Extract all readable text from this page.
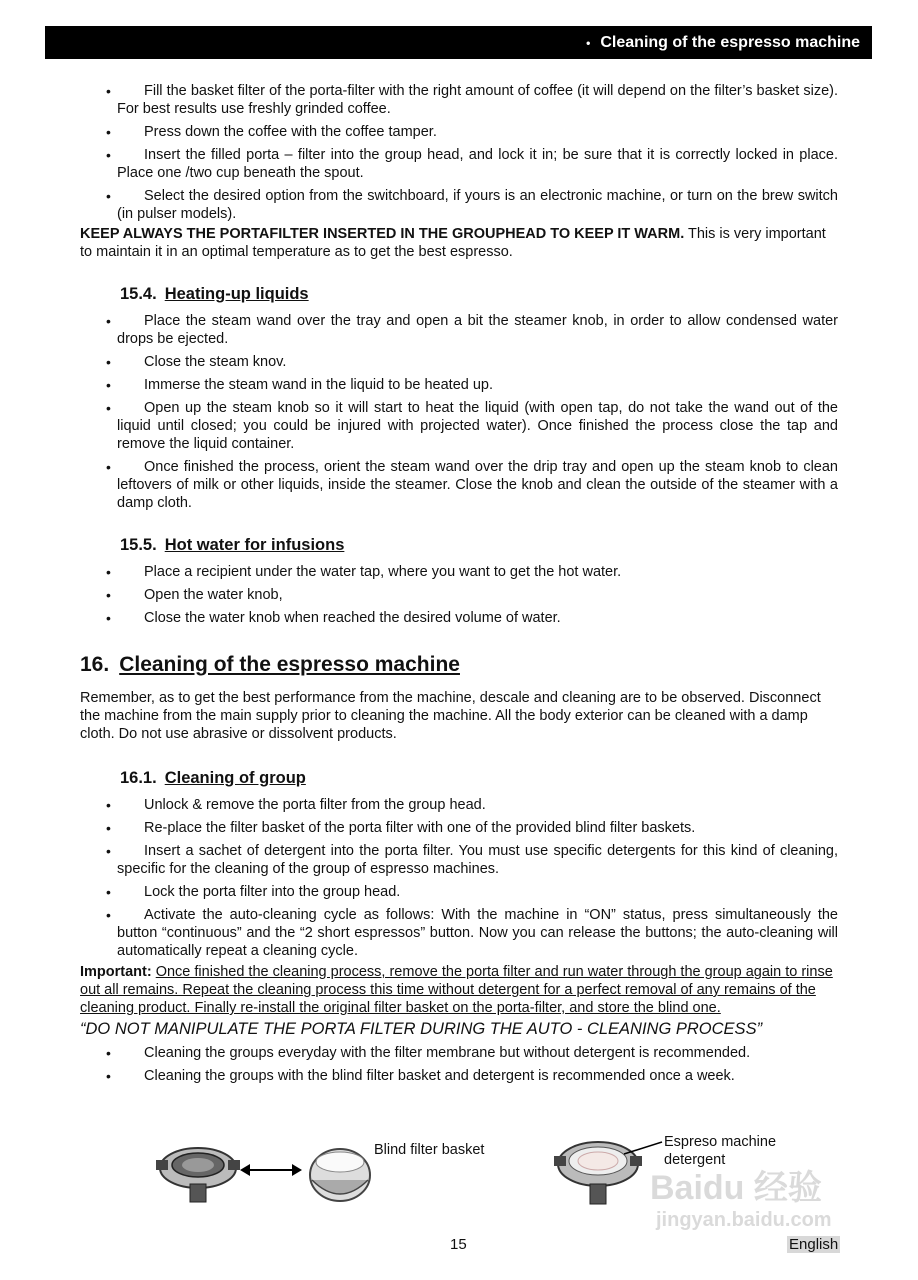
• Cleaning of the espresso machine
• Fill the basket filter of the porta-filter with the right amount of coffee (it will depend on the filter’s basket size). For best results use freshly grinded coffee.
• Press down the coffee with the coffee tamper.
• Insert the filled porta – filter into the group head, and lock it in; be sure that it is correctly locked in place. Place one /two cup beneath the spout.
• Select the desired option from the switchboard, if yours is an electronic machine, or turn on the brew switch (in pulser models).

KEEP ALWAYS THE PORTAFILTER INSERTED IN THE GROUPHEAD TO KEEP IT WARM. This is very important to maintain it in an optimal temperature as to get the best espresso.

15.4. Heating-up liquids
• Place the steam wand over the tray and open a bit the steamer knob, in order to allow condensed water drops be ejected.
• Close the steam knov.
• Immerse the steam wand in the liquid to be heated up.
• Open up the steam knob so it will start to heat the liquid (with open tap, do not take the wand out of the liquid until closed; you could be injured with projected water). Once finished the process close the tap and remove the liquid container.
• Once finished the process, orient the steam wand over the drip tray and open up the steam knob to clean leftovers of milk or other liquids, inside the steamer. Close the knob and clean the outside of the steamer with a damp cloth.
15.5. Hot water for infusions
• Place a recipient under the water tap, where you want to get the hot water.
• Open the water knob,
• Close the water knob when reached the desired volume of water.
16. Cleaning of the espresso machine

Remember, as to get the best performance from the machine, descale and cleaning are to be observed. Disconnect the machine from the main supply prior to cleaning the machine. All the body exterior can be cleaned with a damp cloth. Do not use abrasive or dissolvent products.

16.1. Cleaning of group
• Unlock & remove the porta filter from the group head.
• Re-place the filter basket of the porta filter with one of the provided blind filter baskets.
• Insert a sachet of detergent into the porta filter. You must use specific detergents for this kind of cleaning, specific for the cleaning of the group of espresso machines.
• Lock the porta filter into the group head.
• Activate the auto-cleaning cycle as follows: With the machine in “ON” status, press simultaneously the button “continuous” and the “2 short espressos” button. Now you can release the buttons; the auto-cleaning will automatically repeat a cleaning cycle.

Important: Once finished the cleaning process, remove the porta filter and run water through the group again to rinse out all remains. Repeat the cleaning process this time without detergent for a perfect removal of any remains of the cleaning product. Finally re-install the original filter basket on the porta-filter, and store the blind one.

“DO NOT MANIPULATE THE PORTA FILTER DURING THE AUTO - CLEANING PROCESS”

• Cleaning the groups everyday with the filter membrane but without detergent is recommended.
• Cleaning the groups with the blind filter basket and detergent is recommended once a week.
Blind filter basket	Espreso machine
detergent
Baidu 经验
jingyan.baidu.com
15	English
